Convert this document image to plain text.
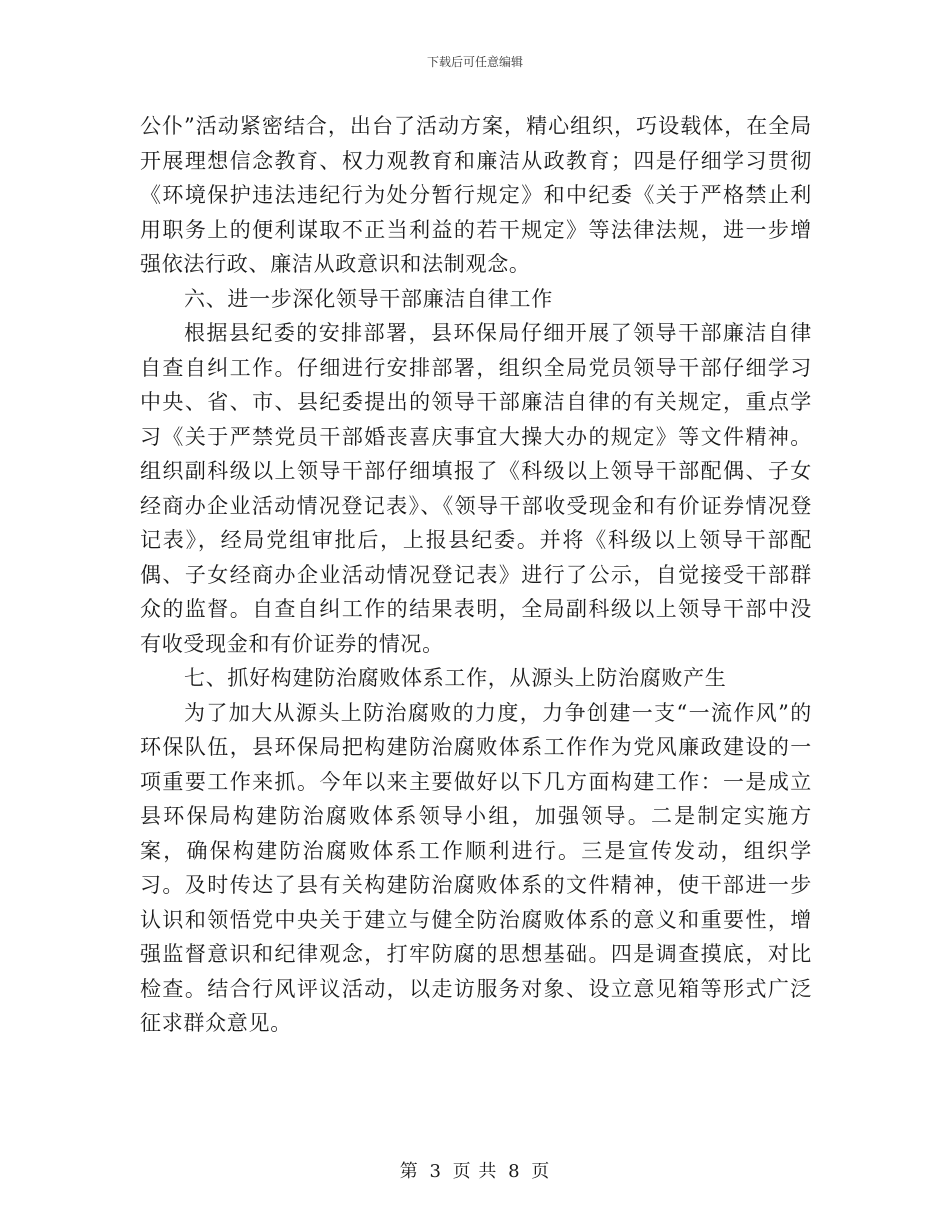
下载后可任意编辑

公仆”活动紧密结合，出台了活动方案，精心组织，巧设载体，在全局开展理想信念教育、权力观教育和廉洁从政教育；四是仔细学习贯彻《环境保护违法违纪行为处分暂行规定》和中纪委《关于严格禁止利用职务上的便利谋取不正当利益的若干规定》等法律法规，进一步增强依法行政、廉洁从政意识和法制观念。

六、进一步深化领导干部廉洁自律工作

根据县纪委的安排部署，县环保局仔细开展了领导干部廉洁自律自查自纠工作。仔细进行安排部署，组织全局党员领导干部仔细学习中央、省、市、县纪委提出的领导干部廉洁自律的有关规定，重点学习《关于严禁党员干部婚丧喜庆事宜大操大办的规定》等文件精神。组织副科级以上领导干部仔细填报了《科级以上领导干部配偶、子女经商办企业活动情况登记表》、《领导干部收受现金和有价证券情况登记表》，经局党组审批后，上报县纪委。并将《科级以上领导干部配偶、子女经商办企业活动情况登记表》进行了公示，自觉接受干部群众的监督。自查自纠工作的结果表明，全局副科级以上领导干部中没有收受现金和有价证券的情况。

七、抓好构建防治腐败体系工作，从源头上防治腐败产生

为了加大从源头上防治腐败的力度，力争创建一支“一流作风”的环保队伍，县环保局把构建防治腐败体系工作作为党风廉政建设的一项重要工作来抓。今年以来主要做好以下几方面构建工作：一是成立县环保局构建防治腐败体系领导小组，加强领导。二是制定实施方案，确保构建防治腐败体系工作顺利进行。三是宣传发动，组织学习。及时传达了县有关构建防治腐败体系的文件精神，使干部进一步认识和领悟党中央关于建立与健全防治腐败体系的意义和重要性，增强监督意识和纪律观念，打牢防腐的思想基础。四是调查摸底，对比检查。结合行风评议活动，以走访服务对象、设立意见箱等形式广泛征求群众意见。

第 3 页 共 8 页
